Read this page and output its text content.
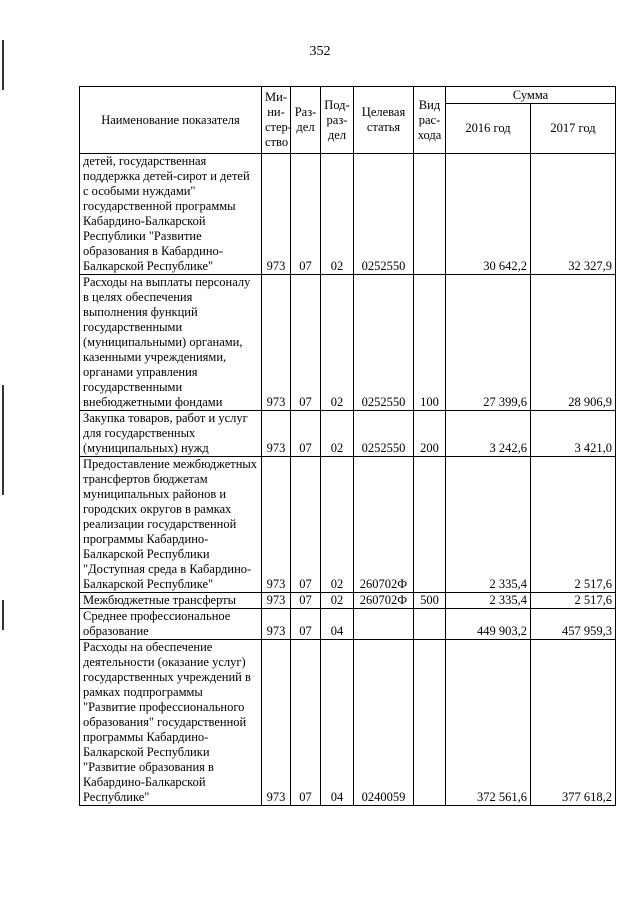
352
Наименование показателя	Ми-ни-стер-ство	Раз-дел	Под-раз-дел	Целевая статья	Вид рас-хода	Сумма	
						2016 год	2017 год
детей, государственная поддержка детей-сирот и детей с особыми нуждами" государственной программы Кабардино-Балкарской Республики "Развитие образования в Кабардино-Балкарской Республике"	973	07	02	0252550		30 642,2	32 327,9
Расходы на выплаты персоналу в целях обеспечения выполнения функций государственными (муниципальными) органами, казенными учреждениями, органами управления государственными внебюджетными фондами	973	07	02	0252550	100	27 399,6	28 906,9
Закупка товаров, работ и услуг для государственных (муниципальных) нужд	973	07	02	0252550	200	3 242,6	3 421,0
Предоставление межбюджетных трансфертов бюджетам муниципальных районов и городских округов в рамках реализации государственной программы Кабардино-Балкарской Республики "Доступная среда в Кабардино-Балкарской Республике"	973	07	02	260702Ф		2 335,4	2 517,6
Межбюджетные трансферты	973	07	02	260702Ф	500	2 335,4	2 517,6
Среднее профессиональное образование	973	07	04			449 903,2	457 959,3
Расходы на обеспечение деятельности (оказание услуг) государственных учреждений в рамках подпрограммы "Развитие профессионального образования" государственной программы Кабардино-Балкарской Республики "Развитие образования в Кабардино-Балкарской Республике"	973	07	04	0240059		372 561,6	377 618,2
